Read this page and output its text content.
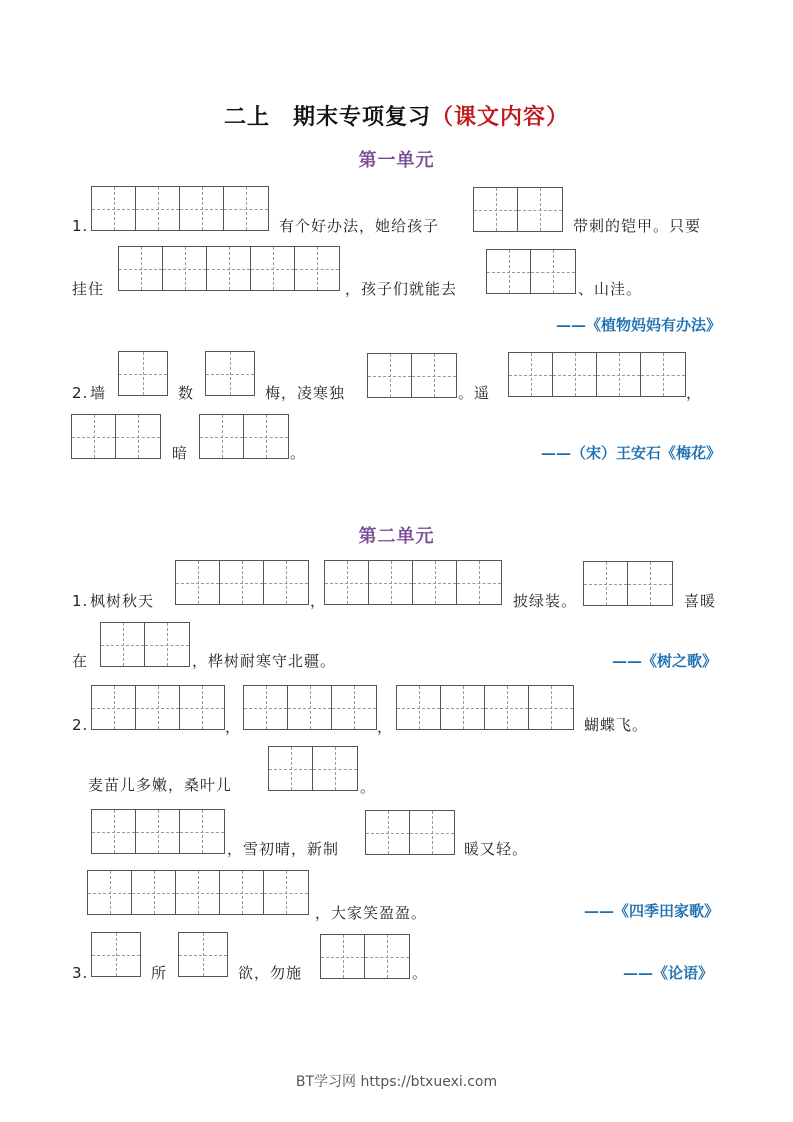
二上　期末专项复习（课文内容）
第一单元
1.	有个好办法，她给孩子	带刺的铠甲。只要
挂住	，孩子们就能去	、山洼。
——《植物妈妈有办法》
2. 墙	数	梅，凌寒独	。遥	，
暗	。	——（宋）王安石《梅花》
第二单元
1. 枫树秋天	，	披绿装。	喜暖
在	，桦树耐寒守北疆。	——《树之歌》
2.	，	，	蝴蝶飞。
麦苗儿多嫩，桑叶儿	。
，雪初晴，新制	暖又轻。
，大家笑盈盈。	——《四季田家歌》
3.	所	欲，勿施	。	——《论语》
BT学习网 https://btxuexi.com
